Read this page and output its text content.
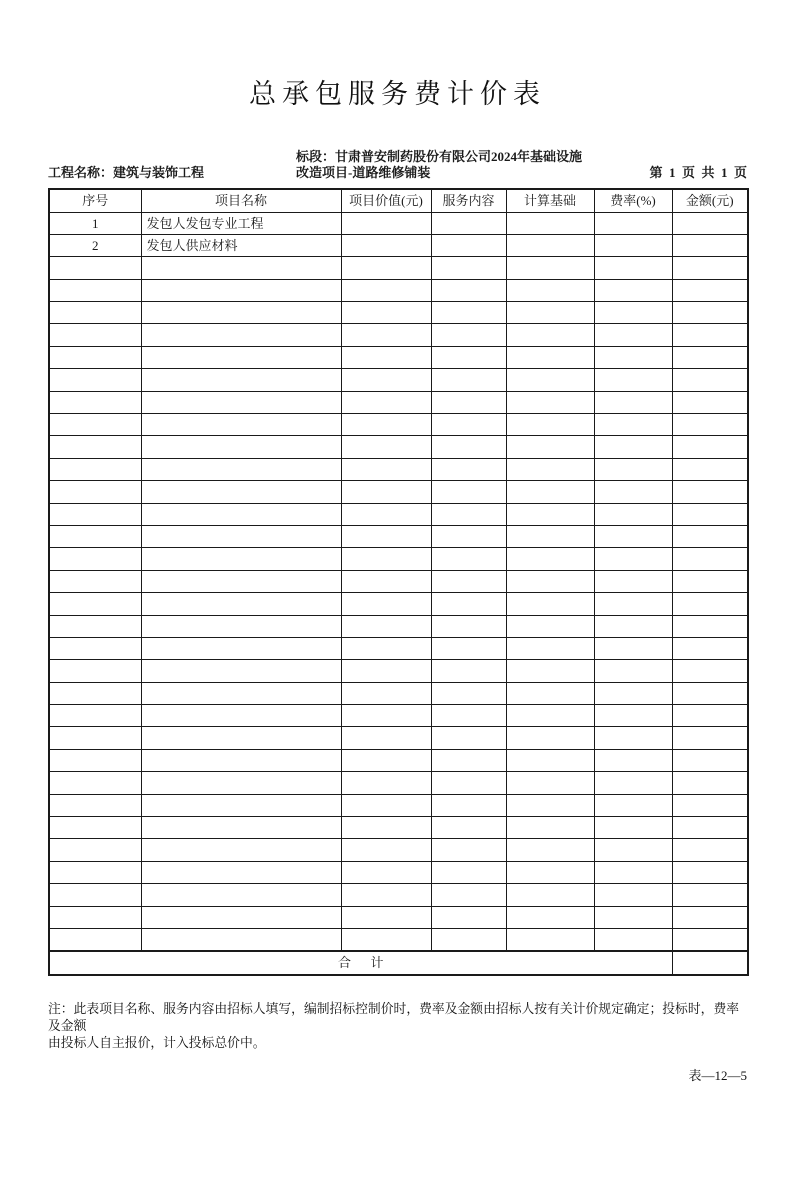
总承包服务费计价表
工程名称：建筑与装饰工程
标段：甘肃普安制药股份有限公司2024年基础设施
改造项目-道路维修铺装	第  1  页  共  1  页
序号	项目名称	项目价值(元)	服务内容	计算基础	费率(%)	金额(元)
1	发包人发包专业工程					
2	发包人供应材料					

合      计						
注：此表项目名称、服务内容由招标人填写，编制招标控制价时，费率及金额由招标人按有关计价规定确定；投标时，费率及金额
由投标人自主报价，计入投标总价中。
表—12—5
